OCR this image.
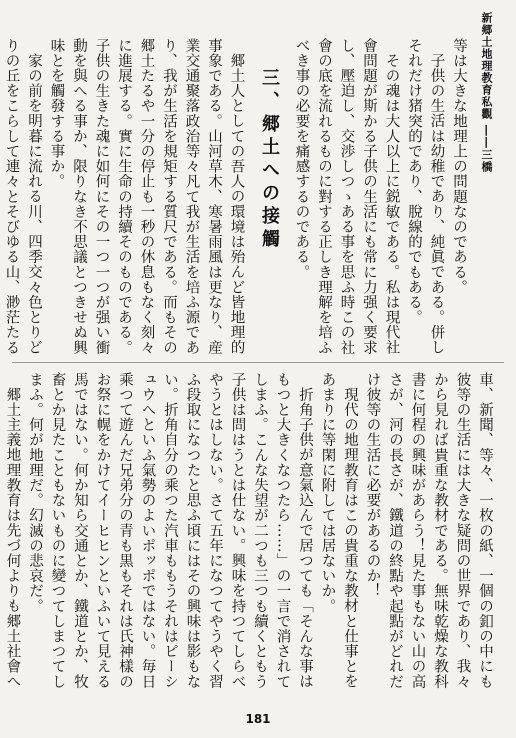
新郷土地理教育私觀 ――三橋

等は大きな地理上の問題なのである。

子供の生活は幼稚であり、純眞である。併しそれだけ猪突的であり、脫線的でもある。

その魂は大人以上に鋭敏である。私は現代社會問題が斯かる子供の生活にも常に力强く要求し、壓迫し、交渉しつゝある事を思ふ時この社會の底を流れるものに對する正しき理解を培ふべき事の必要を痛感するのである。

三、郷土への接觸

郷土人としての吾人の環境は殆んど皆地理的事象である。山河草木、寒暑雨風は更なり、産業交通聚落政治等々凡て我が生活を培ふ源であり、我が生活を規矩する質尺である。而もその郷土たるや一分の停止も一秒の休息もなく刻々に進展する。實に生命の持續そのものである。子供の生きた魂に如何にその一つ一つが强い衝動を與へる事か、限りなき不思議とつきせぬ興味とを觸發する事か。

家の前を明暮に流れる川、四季交々色とりどりの丘をこらして連々とそびゆる山、渺茫たる

車、新聞、等々、一枚の紙、一個の釦の中にも彼等の生活には大きな疑問の世界であり、我々から見れば貴重な教材である。無味乾燥な教科書に何程の興味があらう！見た事もない山の高さが、河の長さが、鐵道の終點や起點がどれだけ彼等の生活に必要があるのか！

現代の地理教育はこの貴重な教材と仕事とをあまりに等閑に附しては居ないか。

折角子供が意氣込んで居つても「そんな事はもつと大きくなつたら……」の一言で消されてしまふ。こんな失望が二つも三つも續くともう子供は問はうとは仕ない。興味を持つてしらべやうとはしない。さて五年になつてやうやく習ふ段取になつたと思ふ頃にはその興味は影もない。折角自分の乘つた汽車ももうそれはピーシュウへといふ氣勢のよいポッポではない。毎日乘つて遊んだ兄弟分の青も黒もそれは氏神樣のお祭に幌をかけてイーヒヒンといふいて見える馬ではない。何か知ら交通とか、鐵道とか、牧畜とか見たこともないものに變つてしまつてしまふ。何が地理だ。幻滅の悲哀だ。

郷土主義地理教育は先づ何よりも郷土社會へ

181
